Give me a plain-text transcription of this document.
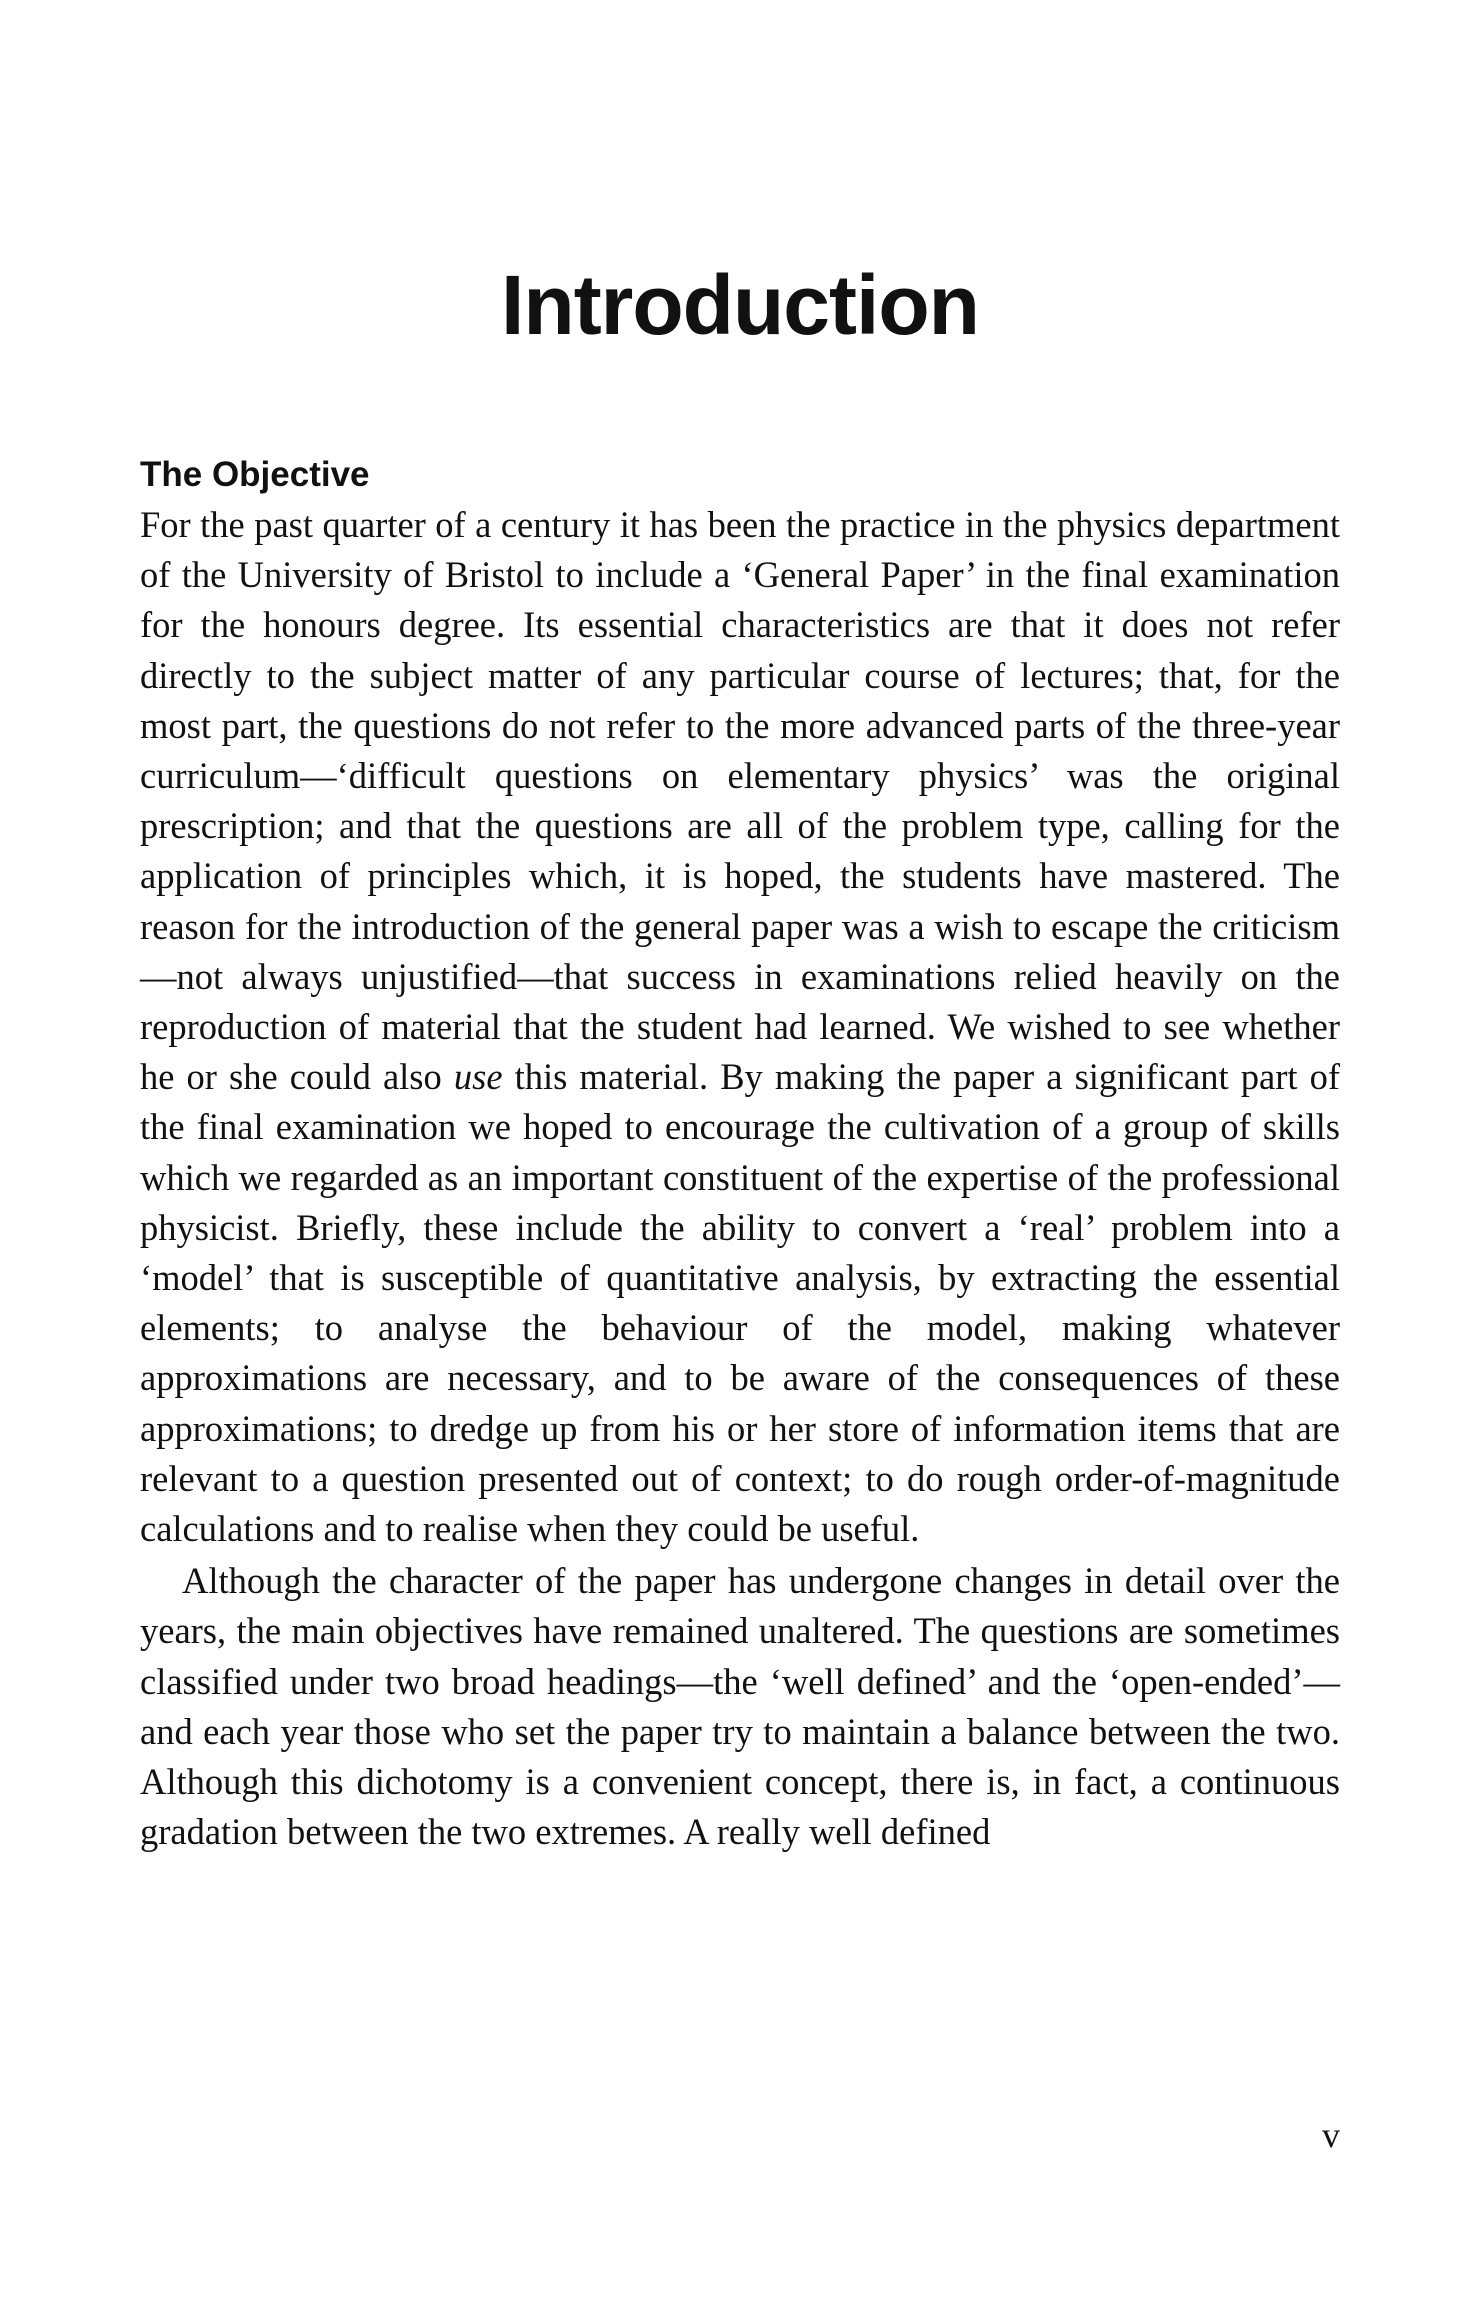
Introduction
The Objective

For the past quarter of a century it has been the practice in the physics department of the University of Bristol to include a ‘General Paper’ in the final examination for the honours degree. Its essential characteristics are that it does not refer directly to the subject matter of any particular course of lectures; that, for the most part, the questions do not refer to the more advanced parts of the three-year curriculum—‘difficult questions on elementary physics’ was the original prescription; and that the questions are all of the problem type, calling for the application of principles which, it is hoped, the students have mastered. The reason for the introduction of the general paper was a wish to escape the criticism—not always unjustified—that success in examinations relied heavily on the reproduction of material that the student had learned. We wished to see whether he or she could also use this material. By making the paper a significant part of the final examination we hoped to encourage the cultivation of a group of skills which we regarded as an important constituent of the expertise of the professional physicist. Briefly, these include the ability to convert a ‘real’ problem into a ‘model’ that is susceptible of quantitative analysis, by extracting the essential elements; to analyse the behaviour of the model, making whatever approximations are necessary, and to be aware of the consequences of these approximations; to dredge up from his or her store of information items that are relevant to a question presented out of context; to do rough order-of-magnitude calculations and to realise when they could be useful.

Although the character of the paper has undergone changes in detail over the years, the main objectives have remained unaltered. The questions are sometimes classified under two broad headings—the ‘well defined’ and the ‘open-ended’—and each year those who set the paper try to maintain a balance between the two. Although this dichotomy is a convenient concept, there is, in fact, a continuous gradation between the two extremes. A really well defined

v
